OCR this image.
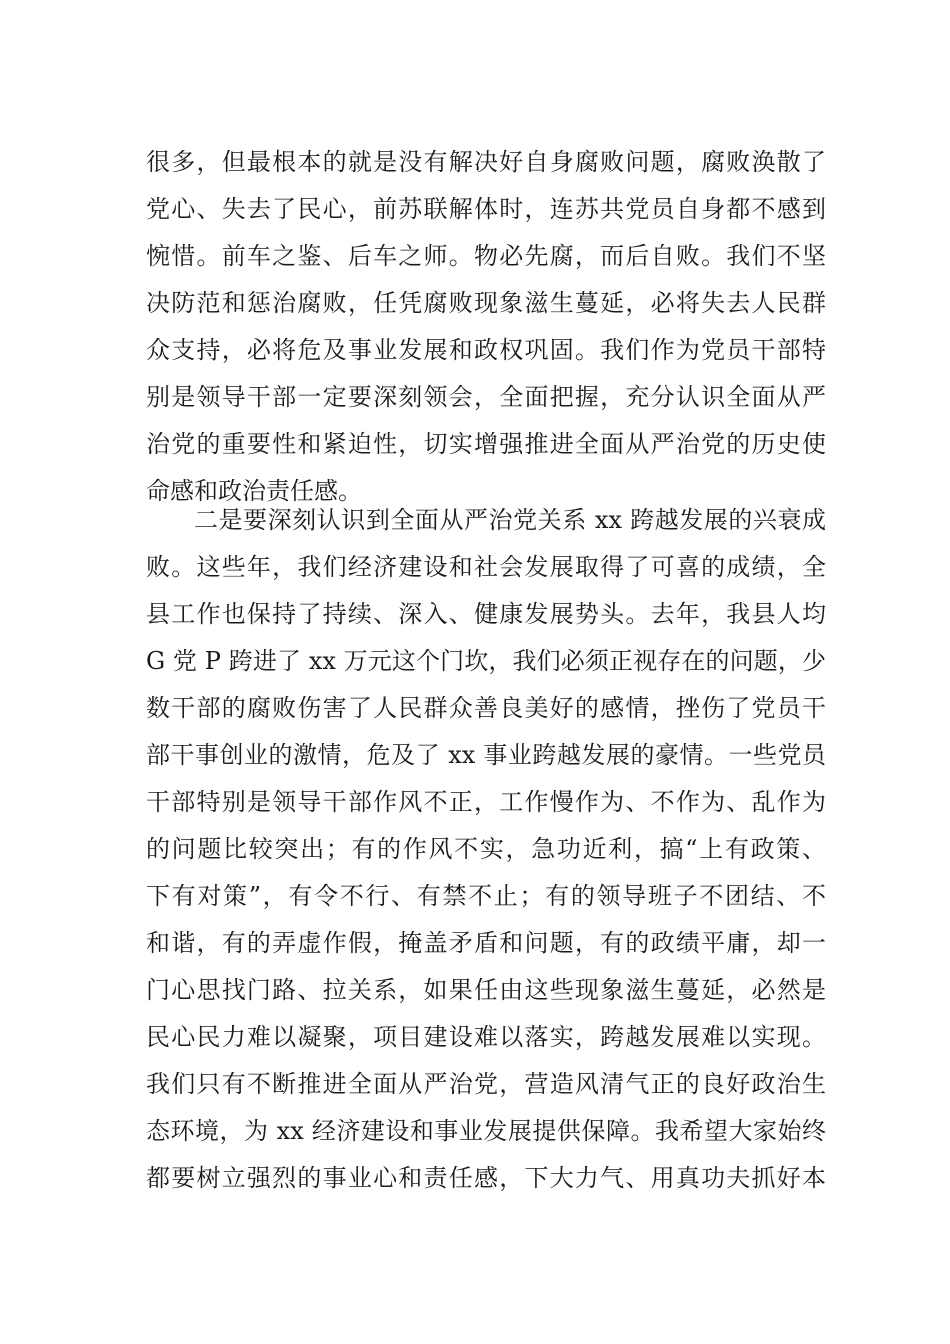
很多，但最根本的就是没有解决好自身腐败问题，腐败涣散了
党心、失去了民心，前苏联解体时，连苏共党员自身都不感到
惋惜。前车之鉴、后车之师。物必先腐，而后自败。我们不坚
决防范和惩治腐败，任凭腐败现象滋生蔓延，必将失去人民群
众支持，必将危及事业发展和政权巩固。我们作为党员干部特
别是领导干部一定要深刻领会，全面把握，充分认识全面从严
治党的重要性和紧迫性，切实增强推进全面从严治党的历史使
命感和政治责任感。
二是要深刻认识到全面从严治党关系 xx 跨越发展的兴衰成
败。这些年，我们经济建设和社会发展取得了可喜的成绩，全
县工作也保持了持续、深入、健康发展势头。去年，我县人均
G 党 P 跨进了 xx 万元这个门坎，我们必须正视存在的问题，少
数干部的腐败伤害了人民群众善良美好的感情，挫伤了党员干
部干事创业的激情，危及了 xx 事业跨越发展的豪情。一些党员
干部特别是领导干部作风不正，工作慢作为、不作为、乱作为
的问题比较突出；有的作风不实，急功近利，搞“上有政策、
下有对策”，有令不行、有禁不止；有的领导班子不团结、不
和谐，有的弄虚作假，掩盖矛盾和问题，有的政绩平庸，却一
门心思找门路、拉关系，如果任由这些现象滋生蔓延，必然是
民心民力难以凝聚，项目建设难以落实，跨越发展难以实现。
我们只有不断推进全面从严治党，营造风清气正的良好政治生
态环境，为 xx 经济建设和事业发展提供保障。我希望大家始终
都要树立强烈的事业心和责任感，下大力气、用真功夫抓好本
